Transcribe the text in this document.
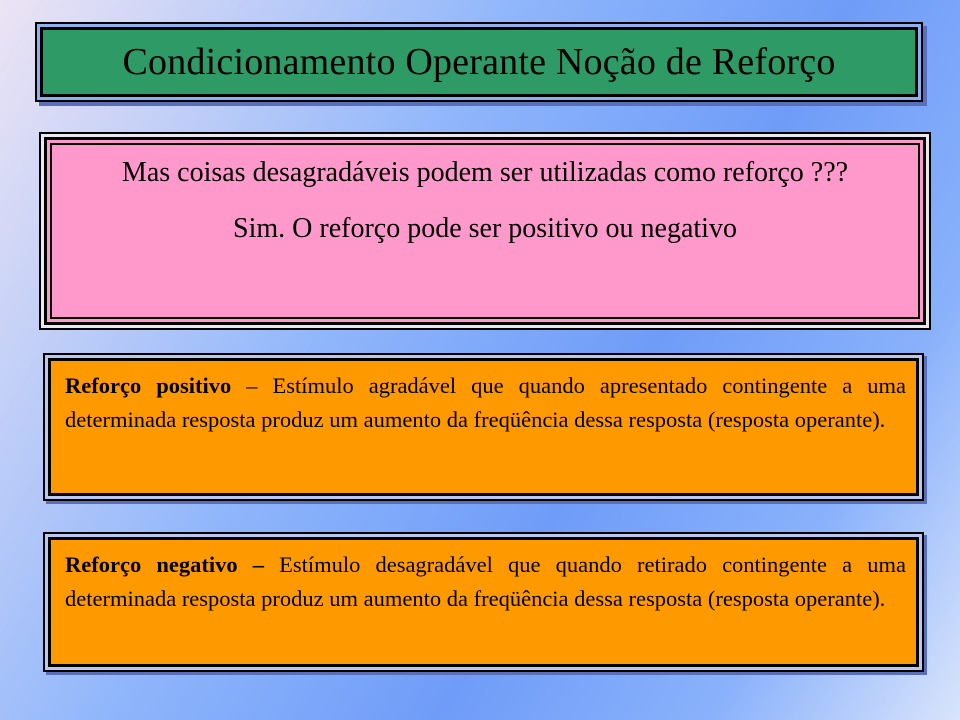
Condicionamento Operante Noção de Reforço

Mas coisas desagradáveis podem ser utilizadas como reforço ???

Sim. O reforço pode ser positivo ou negativo

Reforço positivo – Estímulo agradável que quando apresentado contingente a uma determinada resposta produz um aumento da freqüência dessa resposta (resposta operante).
Reforço negativo – Estímulo desagradável que quando retirado contingente a uma determinada resposta produz um aumento da freqüência dessa resposta (resposta operante).
